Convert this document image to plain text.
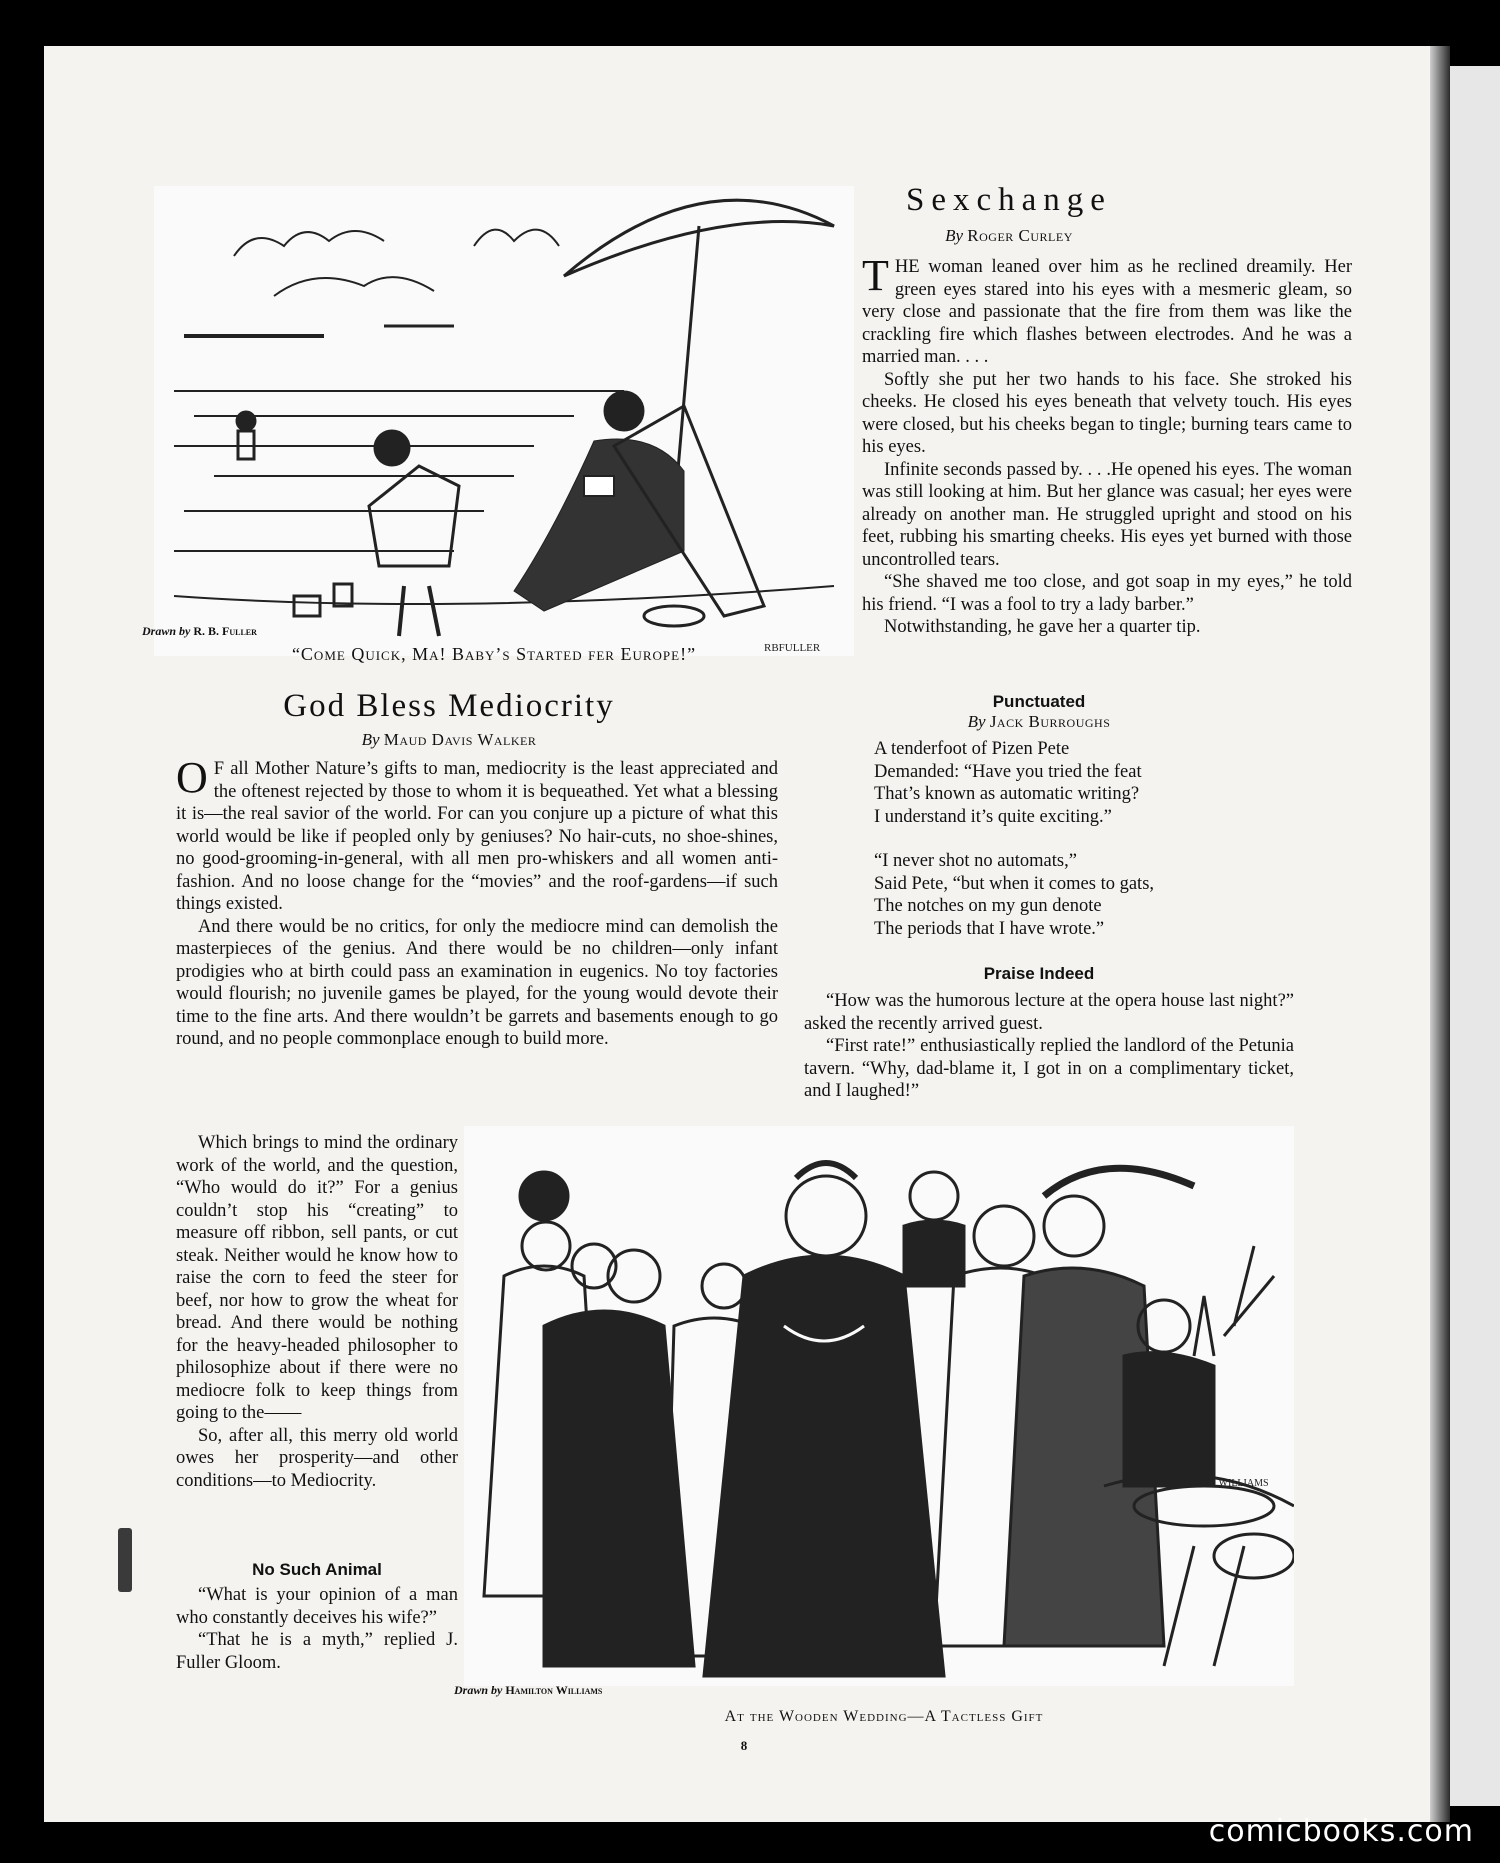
RBFULLER
Drawn by R. B. Fuller
“Come Quick, Ma! Baby’s Started fer Europe!”
Sexchange
By Roger Curley

THE woman leaned over him as he reclined dreamily. Her green eyes stared into his eyes with a mesmeric gleam, so very close and passionate that the fire from them was like the crackling fire which flashes between electrodes. And he was a married man. . . .

Softly she put her two hands to his face. She stroked his cheeks. He closed his eyes beneath that velvety touch. His eyes were closed, but his cheeks began to tingle; burning tears came to his eyes.

Infinite seconds passed by. . . .He opened his eyes. The woman was still looking at him. But her glance was casual; her eyes were already on another man. He struggled upright and stood on his feet, rubbing his smarting cheeks. His eyes yet burned with those uncontrolled tears.

“She shaved me too close, and got soap in my eyes,” he told his friend. “I was a fool to try a lady barber.”

Notwithstanding, he gave her a quarter tip.

God Bless Mediocrity
By Maud Davis Walker

O F all Mother Nature’s gifts to man, mediocrity is the least appreciated and the oftenest rejected by those to whom it is bequeathed. Yet what a blessing it is—the real savior of the world. For can you conjure up a picture of what this world would be like if peopled only by geniuses? No hair-cuts, no shoe-shines, no good-grooming-in-general, with all men pro-whiskers and all women anti-fashion. And no loose change for the “movies” and the roof-gardens—if such things existed.

And there would be no critics, for only the mediocre mind can demolish the masterpieces of the genius. And there would be no children—only infant prodigies who at birth could pass an examination in eugenics. No toy factories would flourish; no juvenile games be played, for the young would devote their time to the fine arts. And there wouldn’t be garrets and basements enough to go round, and no people commonplace enough to build more.

Which brings to mind the ordinary work of the world, and the question, “Who would do it?” For a genius couldn’t stop his “creating” to measure off ribbon, sell pants, or cut steak. Neither would he know how to raise the corn to feed the steer for beef, nor how to grow the wheat for bread. And there would be nothing for the heavy-headed philosopher to philosophize about if there were no mediocre folk to keep things from going to the——

So, after all, this merry old world owes her prosperity—and other conditions—to Mediocrity.

No Such Animal

“What is your opinion of a man who constantly deceives his wife?”

“That he is a myth,” replied J. Fuller Gloom.

Punctuated
By Jack Burroughs
A tenderfoot of Pizen Pete
Demanded: “Have you tried the feat
That’s known as automatic writing?
I understand it’s quite exciting.”
“I never shot no automats,”
Said Pete, “but when it comes to gats,
The notches on my gun denote
The periods that I have wrote.”
Praise Indeed

“How was the humorous lecture at the opera house last night?” asked the recently arrived guest.

“First rate!” enthusiastically replied the landlord of the Petunia tavern. “Why, dad-blame it, I got in on a complimentary ticket, and I laughed!”

HAMILTON WILLIAMS
Drawn by Hamilton Williams
At the Wooden Wedding—A Tactless Gift
8
comicbooks.com
